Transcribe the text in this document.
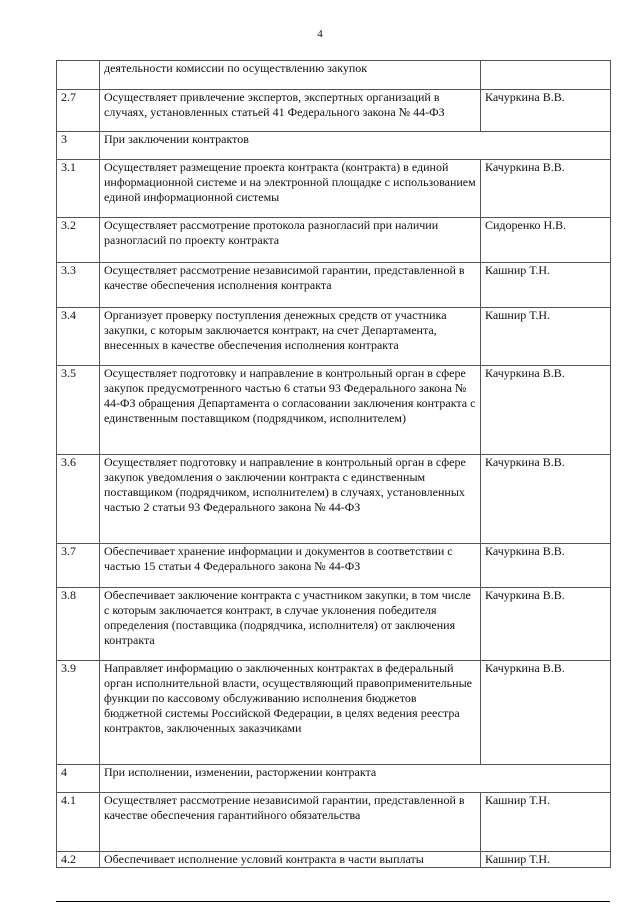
4
	деятельности комиссии по осуществлению закупок	
2.7	Осуществляет привлечение экспертов, экспертных организаций в случаях, установленных статьей 41 Федерального закона № 44-ФЗ	Качуркина В.В.
3	При заключении контрактов	
3.1	Осуществляет размещение проекта контракта (контракта) в единой информационной системе и на электронной площадке с использованием единой информационной системы	Качуркина В.В.
3.2	Осуществляет рассмотрение протокола разногласий при наличии разногласий по проекту контракта	Сидоренко Н.В.
3.3	Осуществляет рассмотрение независимой гарантии, представленной в качестве обеспечения исполнения контракта	Кашнир Т.Н.
3.4	Организует проверку поступления денежных средств от участника закупки, с которым заключается контракт, на счет Департамента, внесенных в качестве обеспечения исполнения контракта	Кашнир Т.Н.
3.5	Осуществляет подготовку и направление в контрольный орган в сфере закупок предусмотренного частью 6 статьи 93 Федерального закона № 44-ФЗ обращения Департамента о согласовании заключения контракта с единственным поставщиком (подрядчиком, исполнителем)	Качуркина В.В.
3.6	Осуществляет подготовку и направление в контрольный орган в сфере закупок уведомления о заключении контракта с единственным поставщиком (подрядчиком, исполнителем) в случаях, установленных частью 2 статьи 93 Федерального закона № 44-ФЗ	Качуркина В.В.
3.7	Обеспечивает хранение информации и документов в соответствии с частью 15 статьи 4 Федерального закона № 44-ФЗ	Качуркина В.В.
3.8	Обеспечивает заключение контракта с участником закупки, в том числе с которым заключается контракт, в случае уклонения победителя определения (поставщика (подрядчика, исполнителя) от заключения контракта	Качуркина В.В.
3.9	Направляет информацию о заключенных контрактах в федеральный орган исполнительной власти, осуществляющий правоприменительные функции по кассовому обслуживанию исполнения бюджетов бюджетной системы Российской Федерации, в целях ведения реестра контрактов, заключенных заказчиками	Качуркина В.В.
4	При исполнении, изменении, расторжении контракта	
4.1	Осуществляет рассмотрение независимой гарантии, представленной в качестве обеспечения гарантийного обязательства	Кашнир Т.Н.
4.2	Обеспечивает исполнение условий контракта в части выплаты	Кашнир Т.Н.
